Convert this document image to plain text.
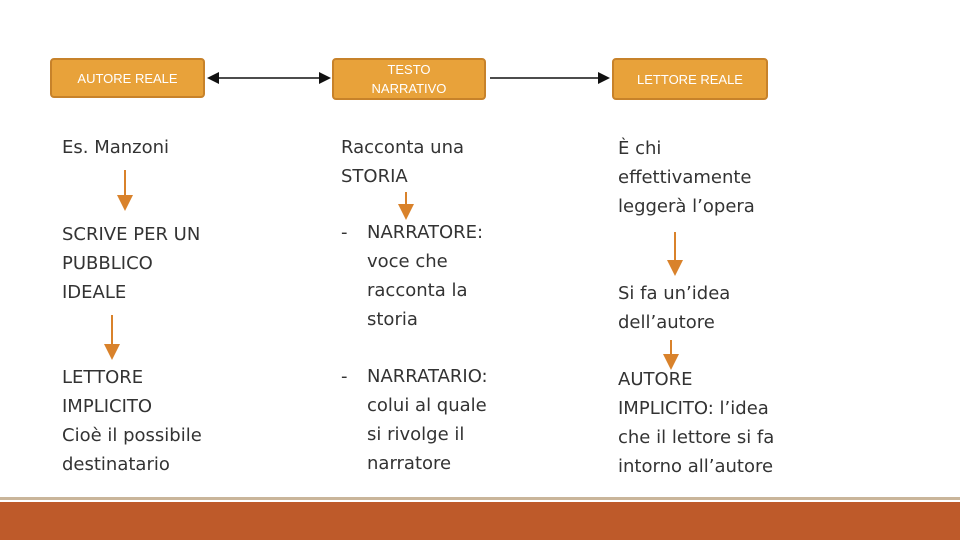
AUTORE REALE
TESTO
NARRATIVO
LETTORE REALE
Es. Manzoni
SCRIVE PER UN
PUBBLICO
IDEALE
LETTORE
IMPLICITO
Cioè il possibile
destinatario
Racconta una
STORIA
- NARRATORE:
voce che
racconta la
storia
- NARRATARIO:
colui al quale
si rivolge il
narratore
È chi
effettivamente
leggerà l’opera
Si fa un’idea
dell’autore
AUTORE
IMPLICITO: l’idea
che il lettore si fa
intorno all’autore
